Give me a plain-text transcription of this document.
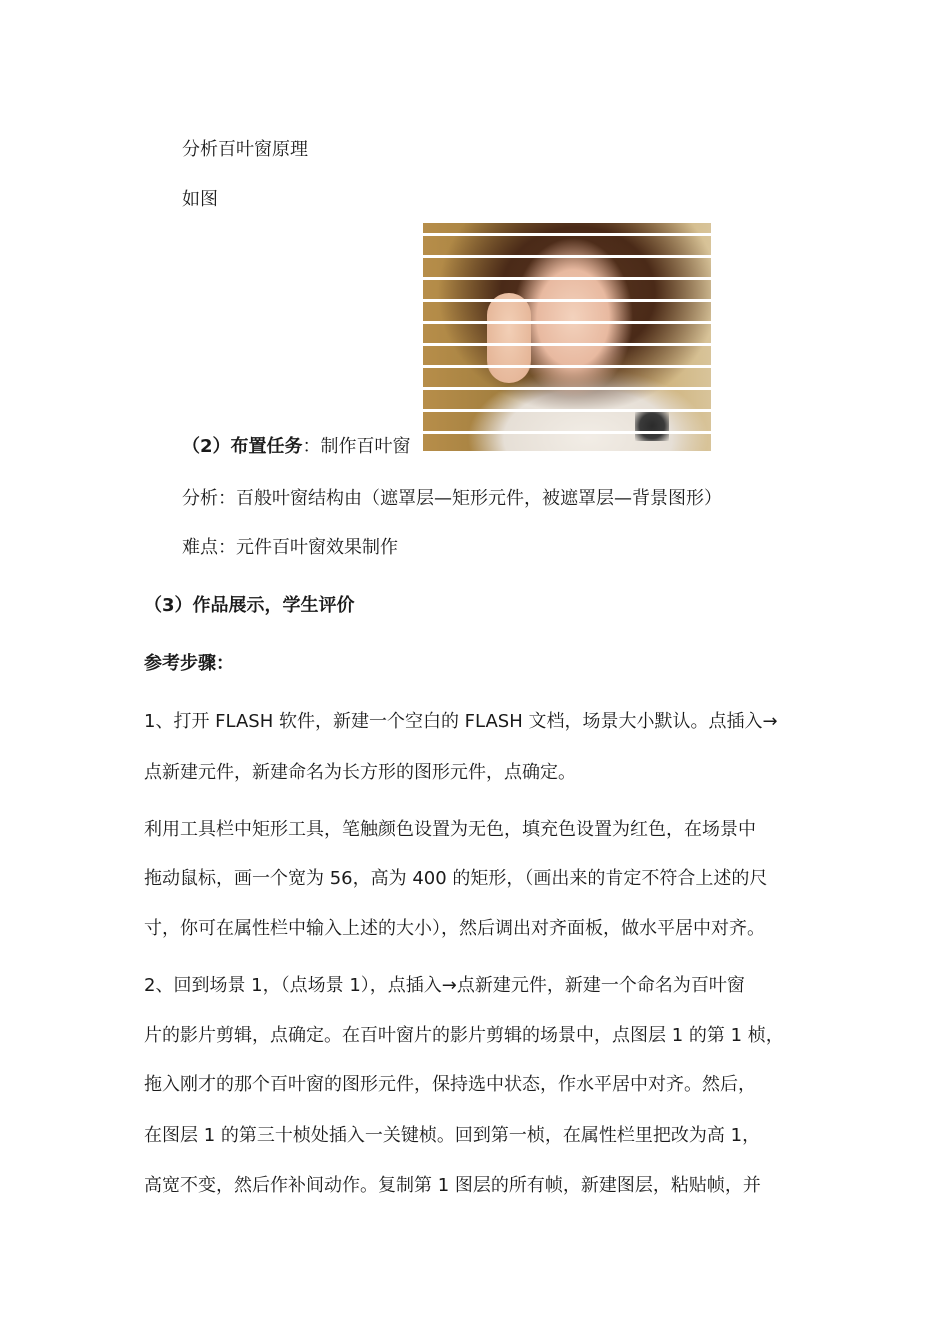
分析百叶窗原理

如图

（2）布置任务：制作百叶窗

分析：百般叶窗结构由（遮罩层—矩形元件，被遮罩层—背景图形）

难点：元件百叶窗效果制作

（3）作品展示，学生评价

参考步骤：

1、打开 FLASH 软件，新建一个空白的 FLASH 文档，场景大小默认。点插入→

点新建元件，新建命名为长方形的图形元件，点确定。

利用工具栏中矩形工具，笔触颜色设置为无色，填充色设置为红色，在场景中

拖动鼠标，画一个宽为 56，高为 400 的矩形，（画出来的肯定不符合上述的尺

寸，你可在属性栏中输入上述的大小），然后调出对齐面板，做水平居中对齐。

2、回到场景 1，（点场景 1），点插入→点新建元件，新建一个命名为百叶窗

片的影片剪辑，点确定。在百叶窗片的影片剪辑的场景中，点图层 1 的第 1 桢，

拖入刚才的那个百叶窗的图形元件，保持选中状态，作水平居中对齐。然后，

在图层 1 的第三十桢处插入一关键桢。回到第一桢，在属性栏里把改为高 1，

高宽不变，然后作补间动作。复制第 1 图层的所有帧，新建图层，粘贴帧，并
